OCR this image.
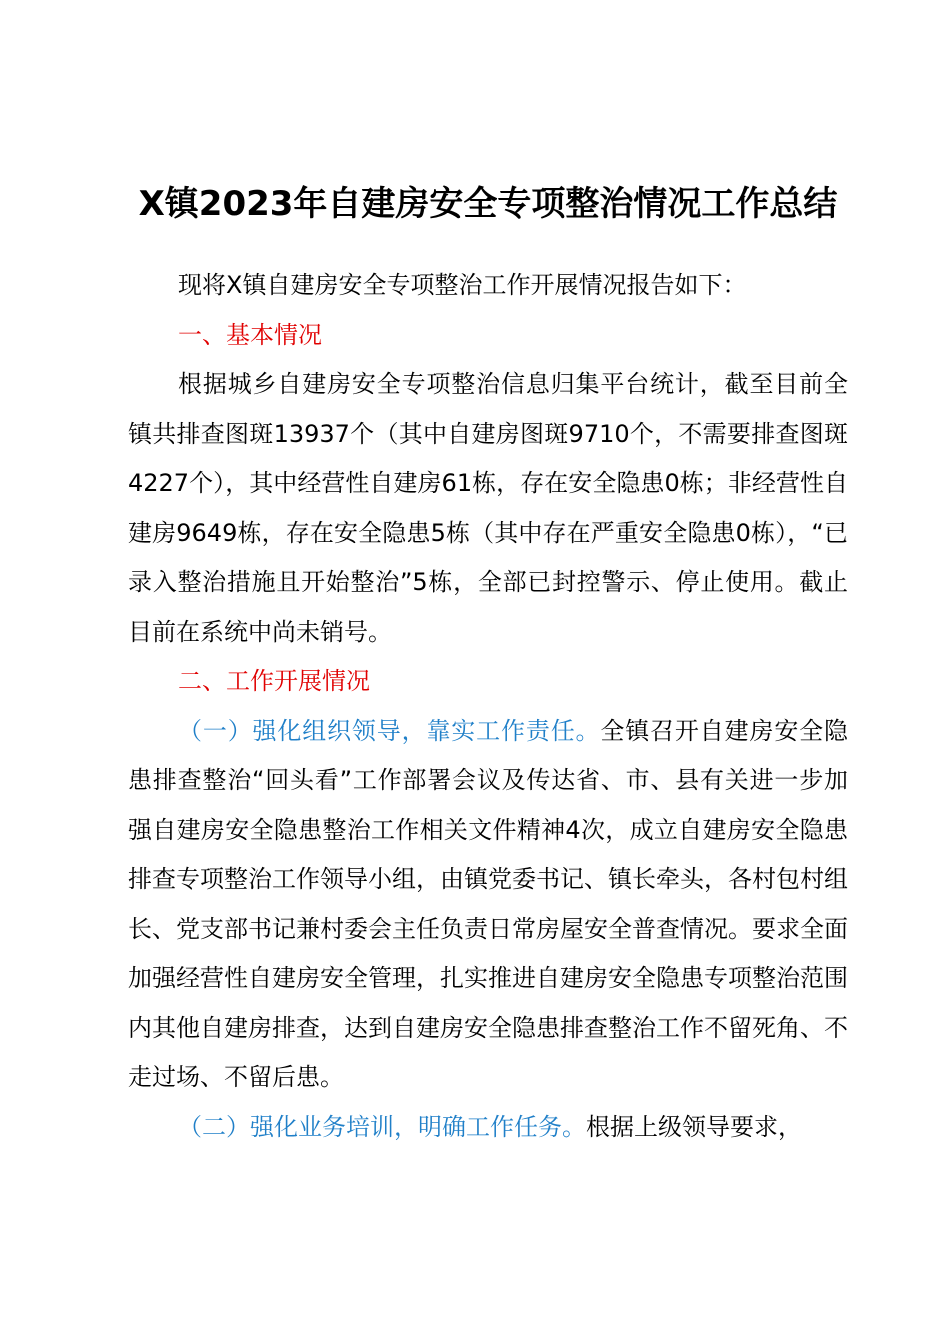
X镇2023年自建房安全专项整治情况工作总结

现将X镇自建房安全专项整治工作开展情况报告如下：

一、基本情况

根据城乡自建房安全专项整治信息归集平台统计，截至目前全镇共排查图斑13937个（其中自建房图斑9710个，不需要排查图斑4227个），其中经营性自建房61栋，存在安全隐患0栋；非经营性自建房9649栋，存在安全隐患5栋（其中存在严重安全隐患0栋），“已录入整治措施且开始整治”5栋，全部已封控警示、停止使用。截止目前在系统中尚未销号。

二、工作开展情况

（一）强化组织领导，靠实工作责任。全镇召开自建房安全隐患排查整治“回头看”工作部署会议及传达省、市、县有关进一步加强自建房安全隐患整治工作相关文件精神4次，成立自建房安全隐患排查专项整治工作领导小组，由镇党委书记、镇长牵头，各村包村组长、党支部书记兼村委会主任负责日常房屋安全普查情况。要求全面加强经营性自建房安全管理，扎实推进自建房安全隐患专项整治范围内其他自建房排查，达到自建房安全隐患排查整治工作不留死角、不走过场、不留后患。

（二）强化业务培训，明确工作任务。根据上级领导要求，
